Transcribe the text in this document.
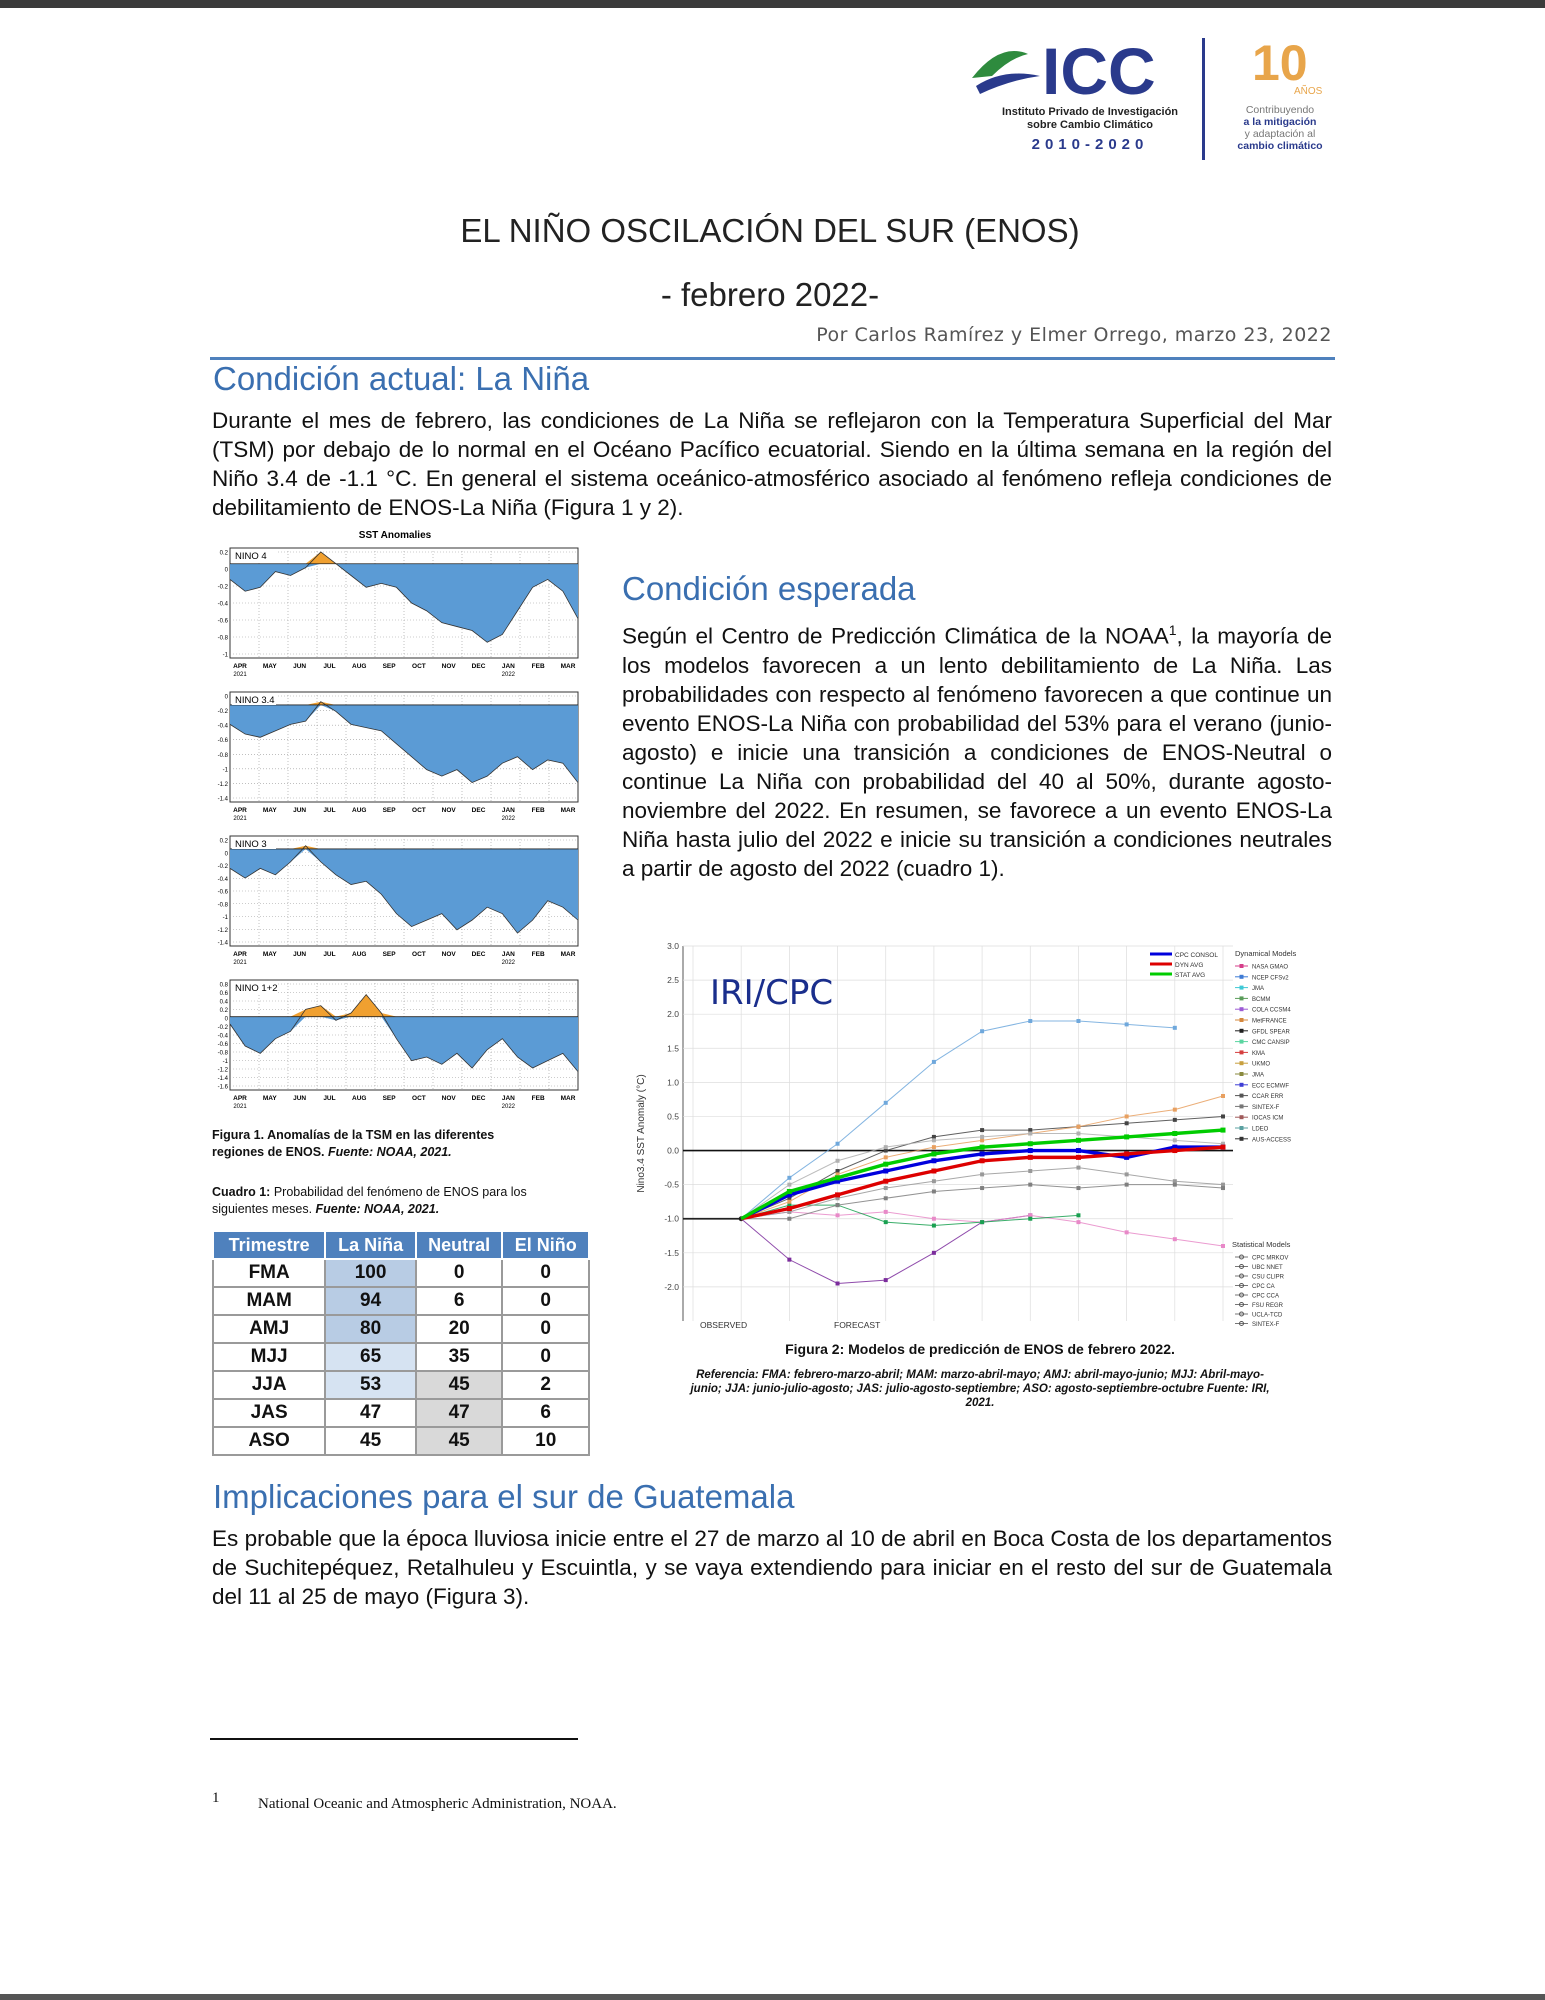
ICC
Instituto Privado de Investigación
sobre Cambio Climático
2010-2020
10
AÑOS
Contribuyendo
a la mitigación
y adaptación al
cambio climático
EL NIÑO OSCILACIÓN DEL SUR (ENOS)
- febrero 2022-
Por Carlos Ramírez y Elmer Orrego, marzo 23, 2022
Condición actual: La Niña
Durante el mes de febrero, las condiciones de La Niña se reflejaron con la Temperatura Superficial del Mar (TSM) por debajo de lo normal en el Océano Pacífico ecuatorial. Siendo en la última semana en la región del Niño 3.4 de -1.1 °C. En general el sistema oceánico-atmosférico asociado al fenómeno refleja condiciones de debilitamiento de ENOS-La Niña (Figura 1 y 2).
SST Anomalies
0.2
0
-0.2
-0.4
-0.6
-0.8
-1
NINO 4
APR MAY	JUN	JUL	AUG SEP	OCT NOV DEC	JAN	FEB MAR
2021	2022
0
-0.2
-0.4
-0.6
-0.8
-1
-1.2
-1.4
NINO 3.4
APR MAY	JUN	JUL	AUG SEP	OCT NOV DEC	JAN	FEB MAR
2021	2022
0.2
0
-0.2
-0.4
-0.6
-0.8
-1
-1.2
-1.4
NINO 3
APR MAY	JUN	JUL	AUG SEP	OCT NOV DEC	JAN	FEB MAR
2021	2022
0.8
0.6
0.4
0.2
0
-0.2
-0.4
-0.6
-0.8
-1
-1.2
-1.4
-1.6
NINO 1+2
APR MAY	JUN	JUL	AUG SEP	OCT NOV DEC	JAN	FEB MAR
2021	2022
Figura 1. Anomalías de la TSM en las diferentes regiones de ENOS. Fuente: NOAA, 2021.
Cuadro 1: Probabilidad del fenómeno de ENOS para los siguientes meses. Fuente: NOAA, 2021.
Trimestre	La Niña	Neutral	El Niño
FMA	100	0	0
MAM	94	6	0
AMJ	80	20	0
MJJ	65	35	0
JJA	53	45	2
JAS	47	47	6
ASO	45	45	10
Condición esperada
Según el Centro de Predicción Climática de la NOAA$^1$, la mayoría de los modelos favorecen a un lento debilitamiento de La Niña. Las probabilidades con respecto al fenómeno favorecen a que continue un evento ENOS-La Niña con probabilidad del 53% para el verano (junio-agosto) e inicie una transición a condiciones de ENOS-Neutral o continue La Niña con probabilidad del 40 al 50%, durante agosto-noviembre del 2022. En resumen, se favorece a un evento ENOS-La Niña hasta julio del 2022 e inicie su transición a condiciones neutrales a partir de agosto del 2022 (cuadro 1).
3.0
2.5
2.0
1.5
1.0
0.5
0.0
-0.5
-1.0
-1.5
-2.0
Nino3.4 SST Anomaly (°C)
IRI/CPC
OBSERVED	FORECAST
CPC CONSOL
DYN AVG
STAT AVG
Dynamical Models
NASA GMAO
NCEP CFSv2
JMA
BCMM
COLA CCSM4
MetFRANCE
GFDL SPEAR
CMC CANSIP
KMA
UKMO
JMA
ECC ECMWF
CCAR ERR
SINTEX-F
IOCAS ICM
LDEO
AUS-ACCESS
Statistical Models
CPC MRKOV
UBC NNET
CSU CLIPR
CPC CA
CPC CCA
FSU REGR
UCLA-TCD
SINTEX-F
Figura 2: Modelos de predicción de ENOS de febrero 2022.
Referencia: FMA: febrero-marzo-abril; MAM: marzo-abril-mayo; AMJ: abril-mayo-junio; MJJ: Abril-mayo-junio; JJA: junio-julio-agosto; JAS: julio-agosto-septiembre; ASO: agosto-septiembre-octubre Fuente: IRI, 2021.
Implicaciones para el sur de Guatemala
Es probable que la época lluviosa inicie entre el 27 de marzo al 10 de abril en Boca Costa de los departamentos de Suchitepéquez, Retalhuleu y Escuintla, y se vaya extendiendo para iniciar en el resto del sur de Guatemala del 11 al 25 de mayo (Figura 3).
1	National Oceanic and Atmospheric Administration, NOAA.
